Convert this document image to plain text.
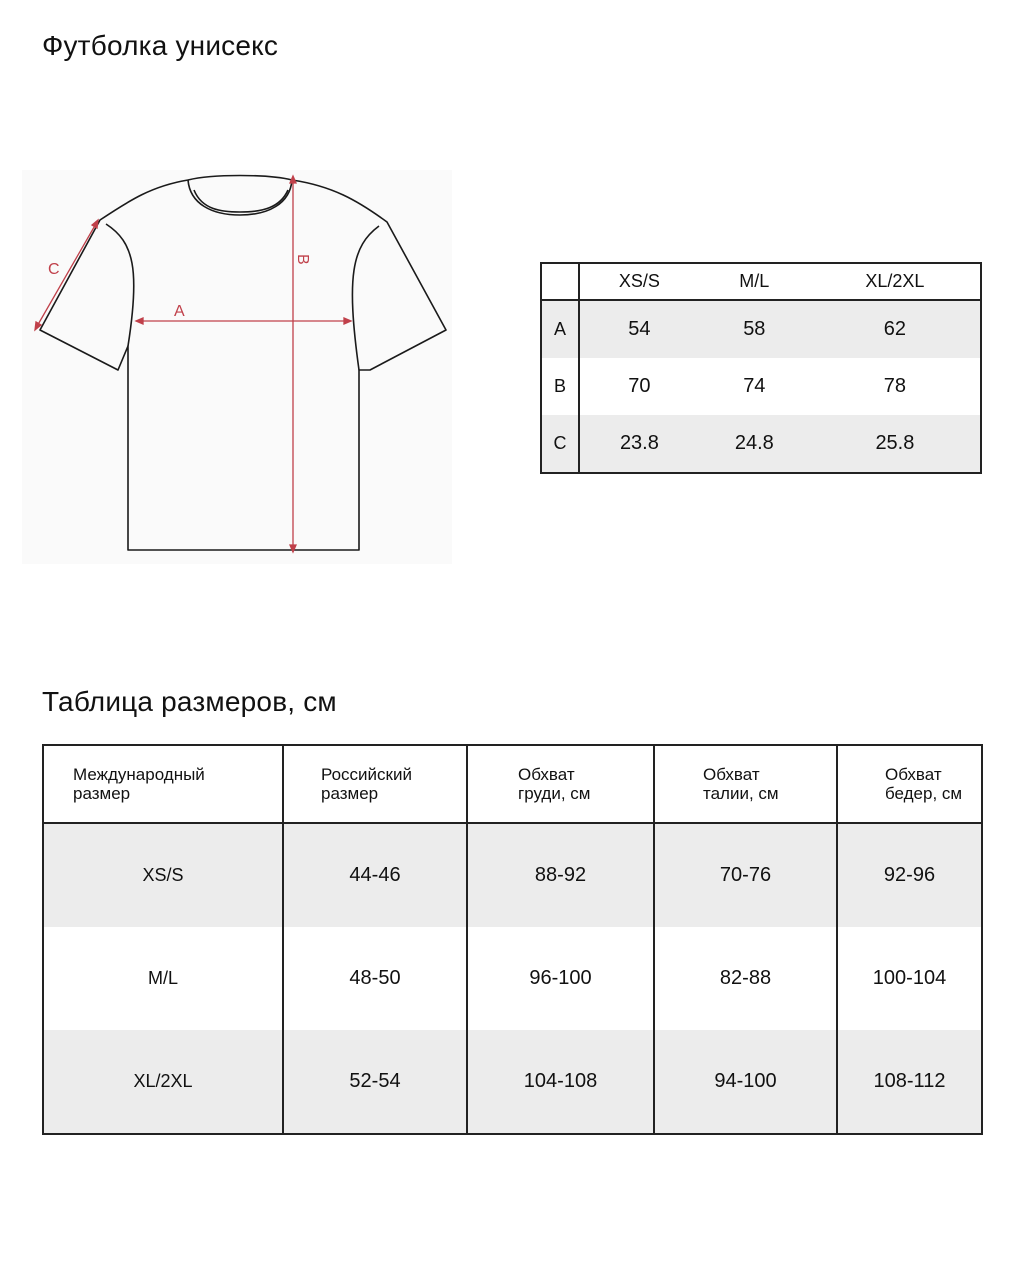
Футболка унисекс
A
B
C
	XS/S	M/L	XL/2XL
A	54	58	62
B	70	74	78
C	23.8	24.8	25.8
Таблица размеров, см
Международный
размер	Российский
размер	Обхват
груди, см	Обхват
талии, см	Обхват
бедер, см

XS/S	44-46	88-92	70-76	92-96
M/L	48-50	96-100	82-88	100-104
XL/2XL	52-54	104-108	94-100	108-112
